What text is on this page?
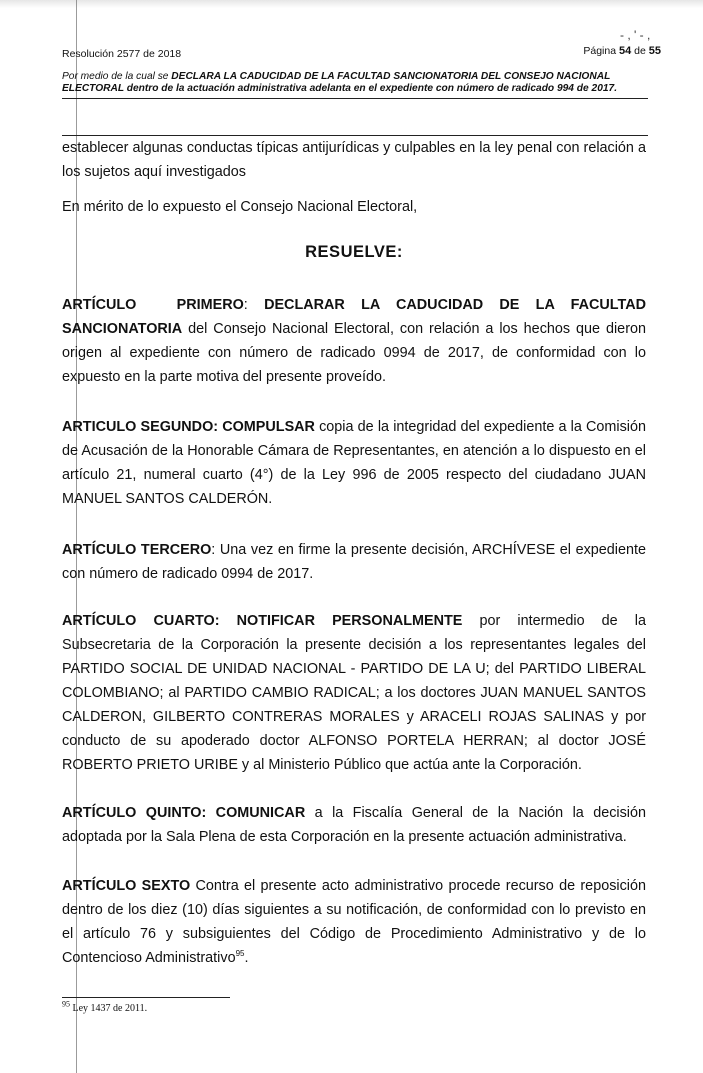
- , ' - ,
Resolución 2577 de 2018	Página 54 de 55
Por medio de la cual se DECLARA LA CADUCIDAD DE LA FACULTAD SANCIONATORIA DEL CONSEJO NACIONAL ELECTORAL dentro de la actuación administrativa adelanta en el expediente con número de radicado 994 de 2017.

establecer algunas conductas típicas antijurídicas y culpables en la ley penal con relación a los sujetos aquí investigados

En mérito de lo expuesto el Consejo Nacional Electoral,

RESUELVE:

ARTÍCULO PRIMERO: DECLARAR LA CADUCIDAD DE LA FACULTAD SANCIONATORIA del Consejo Nacional Electoral, con relación a los hechos que dieron origen al expediente con número de radicado 0994 de 2017, de conformidad con lo expuesto en la parte motiva del presente proveído.

ARTICULO SEGUNDO: COMPULSAR copia de la integridad del expediente a la Comisión de Acusación de la Honorable Cámara de Representantes, en atención a lo dispuesto en el artículo 21, numeral cuarto (4°) de la Ley 996 de 2005 respecto del ciudadano JUAN MANUEL SANTOS CALDERÓN.

ARTÍCULO TERCERO: Una vez en firme la presente decisión, ARCHÍVESE el expediente con número de radicado 0994 de 2017.

ARTÍCULO CUARTO: NOTIFICAR PERSONALMENTE por intermedio de la Subsecretaria de la Corporación la presente decisión a los representantes legales del PARTIDO SOCIAL DE UNIDAD NACIONAL - PARTIDO DE LA U; del PARTIDO LIBERAL COLOMBIANO; al PARTIDO CAMBIO RADICAL; a los doctores JUAN MANUEL SANTOS CALDERON, GILBERTO CONTRERAS MORALES y ARACELI ROJAS SALINAS y por conducto de su apoderado doctor ALFONSO PORTELA HERRAN; al doctor JOSÉ ROBERTO PRIETO URIBE y al Ministerio Público que actúa ante la Corporación.

ARTÍCULO QUINTO: COMUNICAR a la Fiscalía General de la Nación la decisión adoptada por la Sala Plena de esta Corporación en la presente actuación administrativa.

ARTÍCULO SEXTO Contra el presente acto administrativo procede recurso de reposición dentro de los diez (10) días siguientes a su notificación, de conformidad con lo previsto en el artículo 76 y subsiguientes del Código de Procedimiento Administrativo y de lo Contencioso Administrativo$^{95}$.

$^{95}$ Ley 1437 de 2011.
